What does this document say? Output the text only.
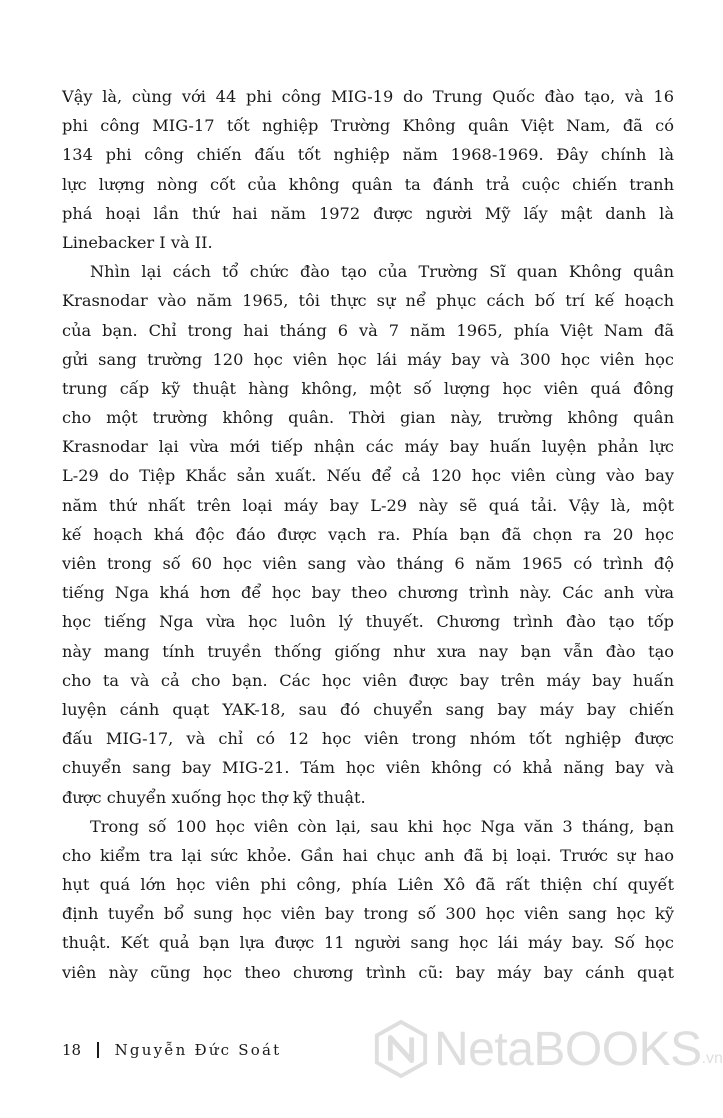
Vậy là, cùng với 44 phi công MIG-19 do Trung Quốc đào tạo, và 16
phi công MIG-17 tốt nghiệp Trường Không quân Việt Nam, đã có
134 phi công chiến đấu tốt nghiệp năm 1968-1969. Đây chính là
lực lượng nòng cốt của không quân ta đánh trả cuộc chiến tranh
phá hoại lần thứ hai năm 1972 được người Mỹ lấy mật danh là
Linebacker I và II.
Nhìn lại cách tổ chức đào tạo của Trường Sĩ quan Không quân
Krasnodar vào năm 1965, tôi thực sự nể phục cách bố trí kế hoạch
của bạn. Chỉ trong hai tháng 6 và 7 năm 1965, phía Việt Nam đã
gửi sang trường 120 học viên học lái máy bay và 300 học viên học
trung cấp kỹ thuật hàng không, một số lượng học viên quá đông
cho một trường không quân. Thời gian này, trường không quân
Krasnodar lại vừa mới tiếp nhận các máy bay huấn luyện phản lực
L-29 do Tiệp Khắc sản xuất. Nếu để cả 120 học viên cùng vào bay
năm thứ nhất trên loại máy bay L-29 này sẽ quá tải. Vậy là, một
kế hoạch khá độc đáo được vạch ra. Phía bạn đã chọn ra 20 học
viên trong số 60 học viên sang vào tháng 6 năm 1965 có trình độ
tiếng Nga khá hơn để học bay theo chương trình này. Các anh vừa
học tiếng Nga vừa học luôn lý thuyết. Chương trình đào tạo tốp
này mang tính truyền thống giống như xưa nay bạn vẫn đào tạo
cho ta và cả cho bạn. Các học viên được bay trên máy bay huấn
luyện cánh quạt YAK-18, sau đó chuyển sang bay máy bay chiến
đấu MIG-17, và chỉ có 12 học viên trong nhóm tốt nghiệp được
chuyển sang bay MIG-21. Tám học viên không có khả năng bay và
được chuyển xuống học thợ kỹ thuật.
Trong số 100 học viên còn lại, sau khi học Nga văn 3 tháng, bạn
cho kiểm tra lại sức khỏe. Gần hai chục anh đã bị loại. Trước sự hao
hụt quá lớn học viên phi công, phía Liên Xô đã rất thiện chí quyết
định tuyển bổ sung học viên bay trong số 300 học viên sang học kỹ
thuật. Kết quả bạn lựa được 11 người sang học lái máy bay. Số học
viên này cũng học theo chương trình cũ: bay máy bay cánh quạt
18 Nguyễn Đức Soát	NetaBOOKS .vn
